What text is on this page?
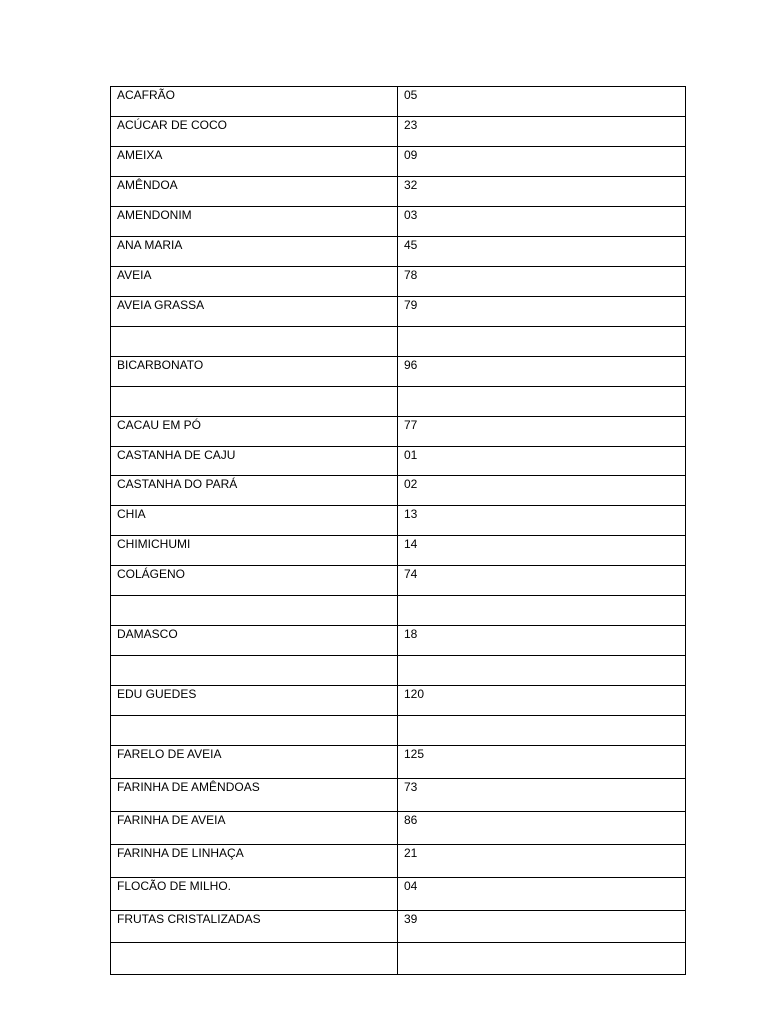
ACAFRÃO	05
ACÚCAR DE COCO	23
AMEIXA	09
AMÊNDOA	32
AMENDONIM	03
ANA MARIA	45
AVEIA	78
AVEIA GRASSA	79

BICARBONATO	96

CACAU EM PÓ	77
CASTANHA DE CAJU	01
CASTANHA DO PARÁ	02
CHIA	13
CHIMICHUMI	14
COLÁGENO	74

DAMASCO	18

EDU GUEDES	120

FARELO DE AVEIA	125
FARINHA DE AMÊNDOAS	73
FARINHA DE AVEIA	86
FARINHA DE LINHAÇA	21
FLOCÃO DE MILHO.	04
FRUTAS CRISTALIZADAS	39
